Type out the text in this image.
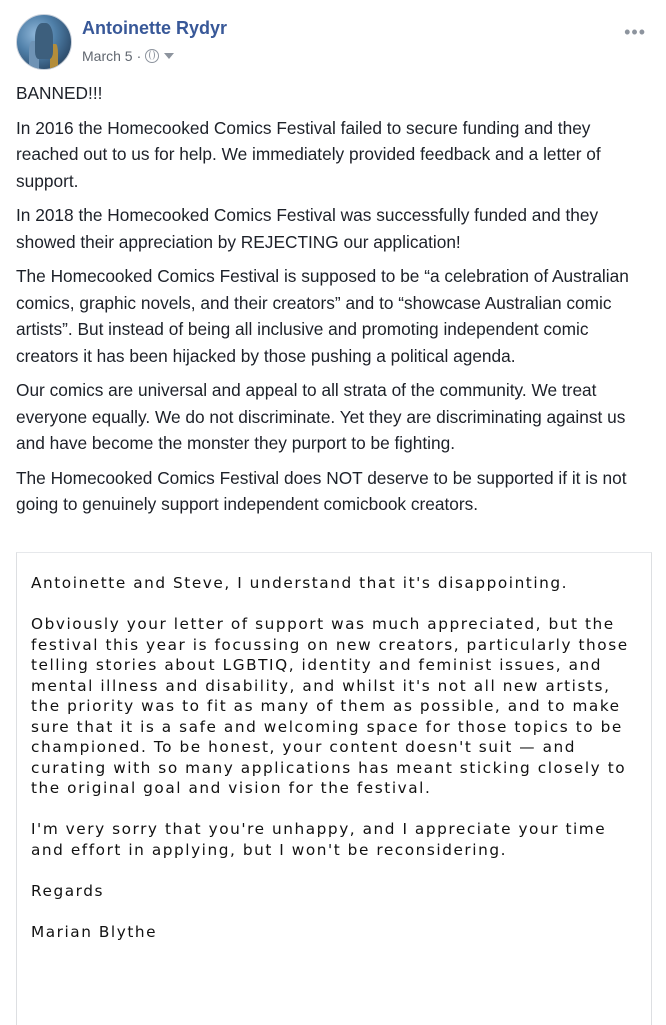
Antoinette Rydyr
March 5 ·
•••

BANNED!!!

In 2016 the Homecooked Comics Festival failed to secure funding and they reached out to us for help. We immediately provided feedback and a letter of support.

In 2018 the Homecooked Comics Festival was successfully funded and they showed their appreciation by REJECTING our application!

The Homecooked Comics Festival is supposed to be “a celebration of Australian comics, graphic novels, and their creators” and to “showcase Australian comic artists”. But instead of being all inclusive and promoting independent comic creators it has been hijacked by those pushing a political agenda.

Our comics are universal and appeal to all strata of the community. We treat everyone equally. We do not discriminate. Yet they are discriminating against us and have become the monster they purport to be fighting.

The Homecooked Comics Festival does NOT deserve to be supported if it is not going to genuinely support independent comicbook creators.

Antoinette and Steve, I understand that it's disappointing.

Obviously your letter of support was much appreciated, but the festival this year is focussing on new creators, particularly those telling stories about LGBTIQ, identity and feminist issues, and mental illness and disability, and whilst it's not all new artists, the priority was to fit as many of them as possible, and to make sure that it is a safe and welcoming space for those topics to be championed. To be honest, your content doesn't suit — and curating with so many applications has meant sticking closely to the original goal and vision for the festival.

I'm very sorry that you're unhappy, and I appreciate your time and effort in applying, but I won't be reconsidering.

Regards

Marian Blythe
